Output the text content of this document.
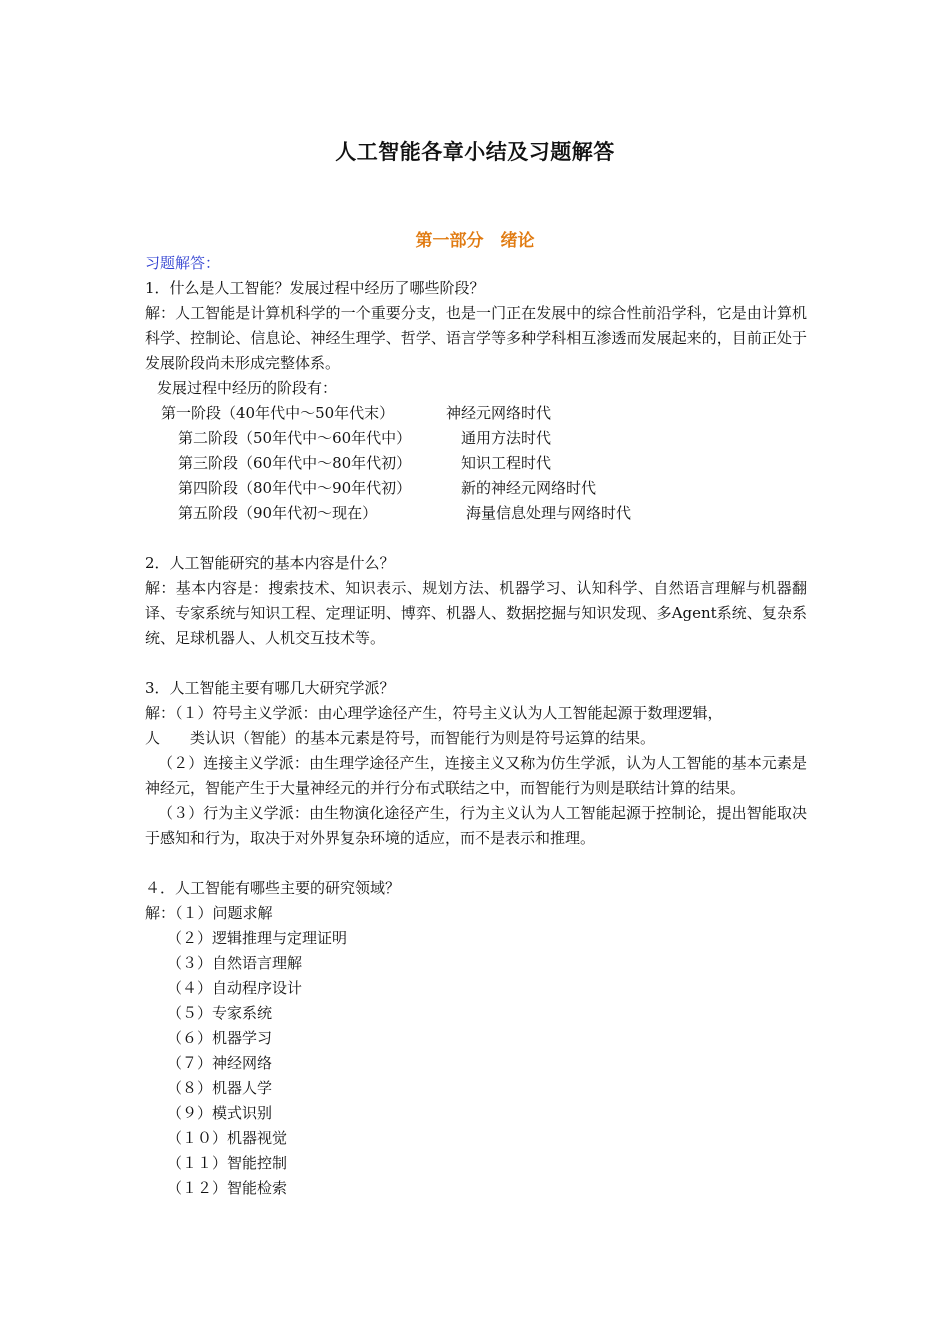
人工智能各章小结及习题解答
第一部分　绪论
习题解答：
1．什么是人工智能？发展过程中经历了哪些阶段？
解：人工智能是计算机科学的一个重要分支，也是一门正在发展中的综合性前沿学科，它是由计算机科学、控制论、信息论、神经生理学、哲学、语言学等多种学科相互渗透而发展起来的，目前正处于发展阶段尚未形成完整体系。
发展过程中经历的阶段有：
第一阶段（40年代中～50年代末）	神经元网络时代
第二阶段（50年代中～60年代中）	通用方法时代
第三阶段（60年代中～80年代初）	知识工程时代
第四阶段（80年代中～90年代初）	新的神经元网络时代
第五阶段（90年代初～现在）	海量信息处理与网络时代
2．人工智能研究的基本内容是什么？
解：基本内容是：搜索技术、知识表示、规划方法、机器学习、认知科学、自然语言理解与机器翻译、专家系统与知识工程、定理证明、博弈、机器人、数据挖掘与知识发现、多Agent系统、复杂系统、足球机器人、人机交互技术等。
3．人工智能主要有哪几大研究学派？
解：（１）符号主义学派：由心理学途径产生，符号主义认为人工智能起源于数理逻辑，
人　　类认识（智能）的基本元素是符号，而智能行为则是符号运算的结果。
（２）连接主义学派：由生理学途径产生，连接主义又称为仿生学派，认为人工智能的基本元素是神经元，智能产生于大量神经元的并行分布式联结之中，而智能行为则是联结计算的结果。
（３）行为主义学派：由生物演化途径产生，行为主义认为人工智能起源于控制论，提出智能取决于感知和行为，取决于对外界复杂环境的适应，而不是表示和推理。
４．人工智能有哪些主要的研究领域？
解：（１）问题求解
（２）逻辑推理与定理证明
（３）自然语言理解
（４）自动程序设计
（５）专家系统
（６）机器学习
（７）神经网络
（８）机器人学
（９）模式识别
（１０）机器视觉
（１１）智能控制
（１２）智能检索
